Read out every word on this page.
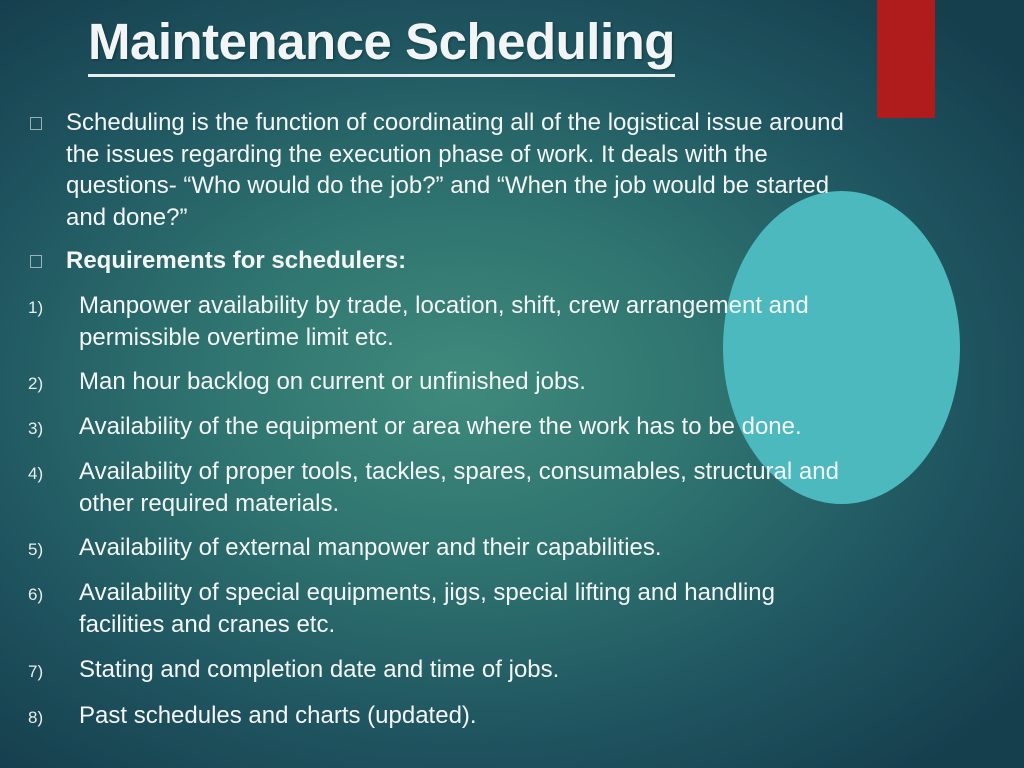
Maintenance Scheduling
Scheduling is the function of coordinating all of the logistical issue around
the issues regarding the execution phase of work. It deals with the
questions- “Who would do the job?” and “When the job would be started
and done?”
Requirements for schedulers:
1) Manpower availability by trade, location, shift, crew arrangement and
permissible overtime limit etc.
2) Man hour backlog on current or unfinished jobs.
3) Availability of the equipment or area where the work has to be done.
4) Availability of proper tools, tackles, spares, consumables, structural and
other required materials.
5) Availability of external manpower and their capabilities.
6) Availability of special equipments, jigs, special lifting and handling
facilities and cranes etc.
7) Stating and completion date and time of jobs.
8) Past schedules and charts (updated).
